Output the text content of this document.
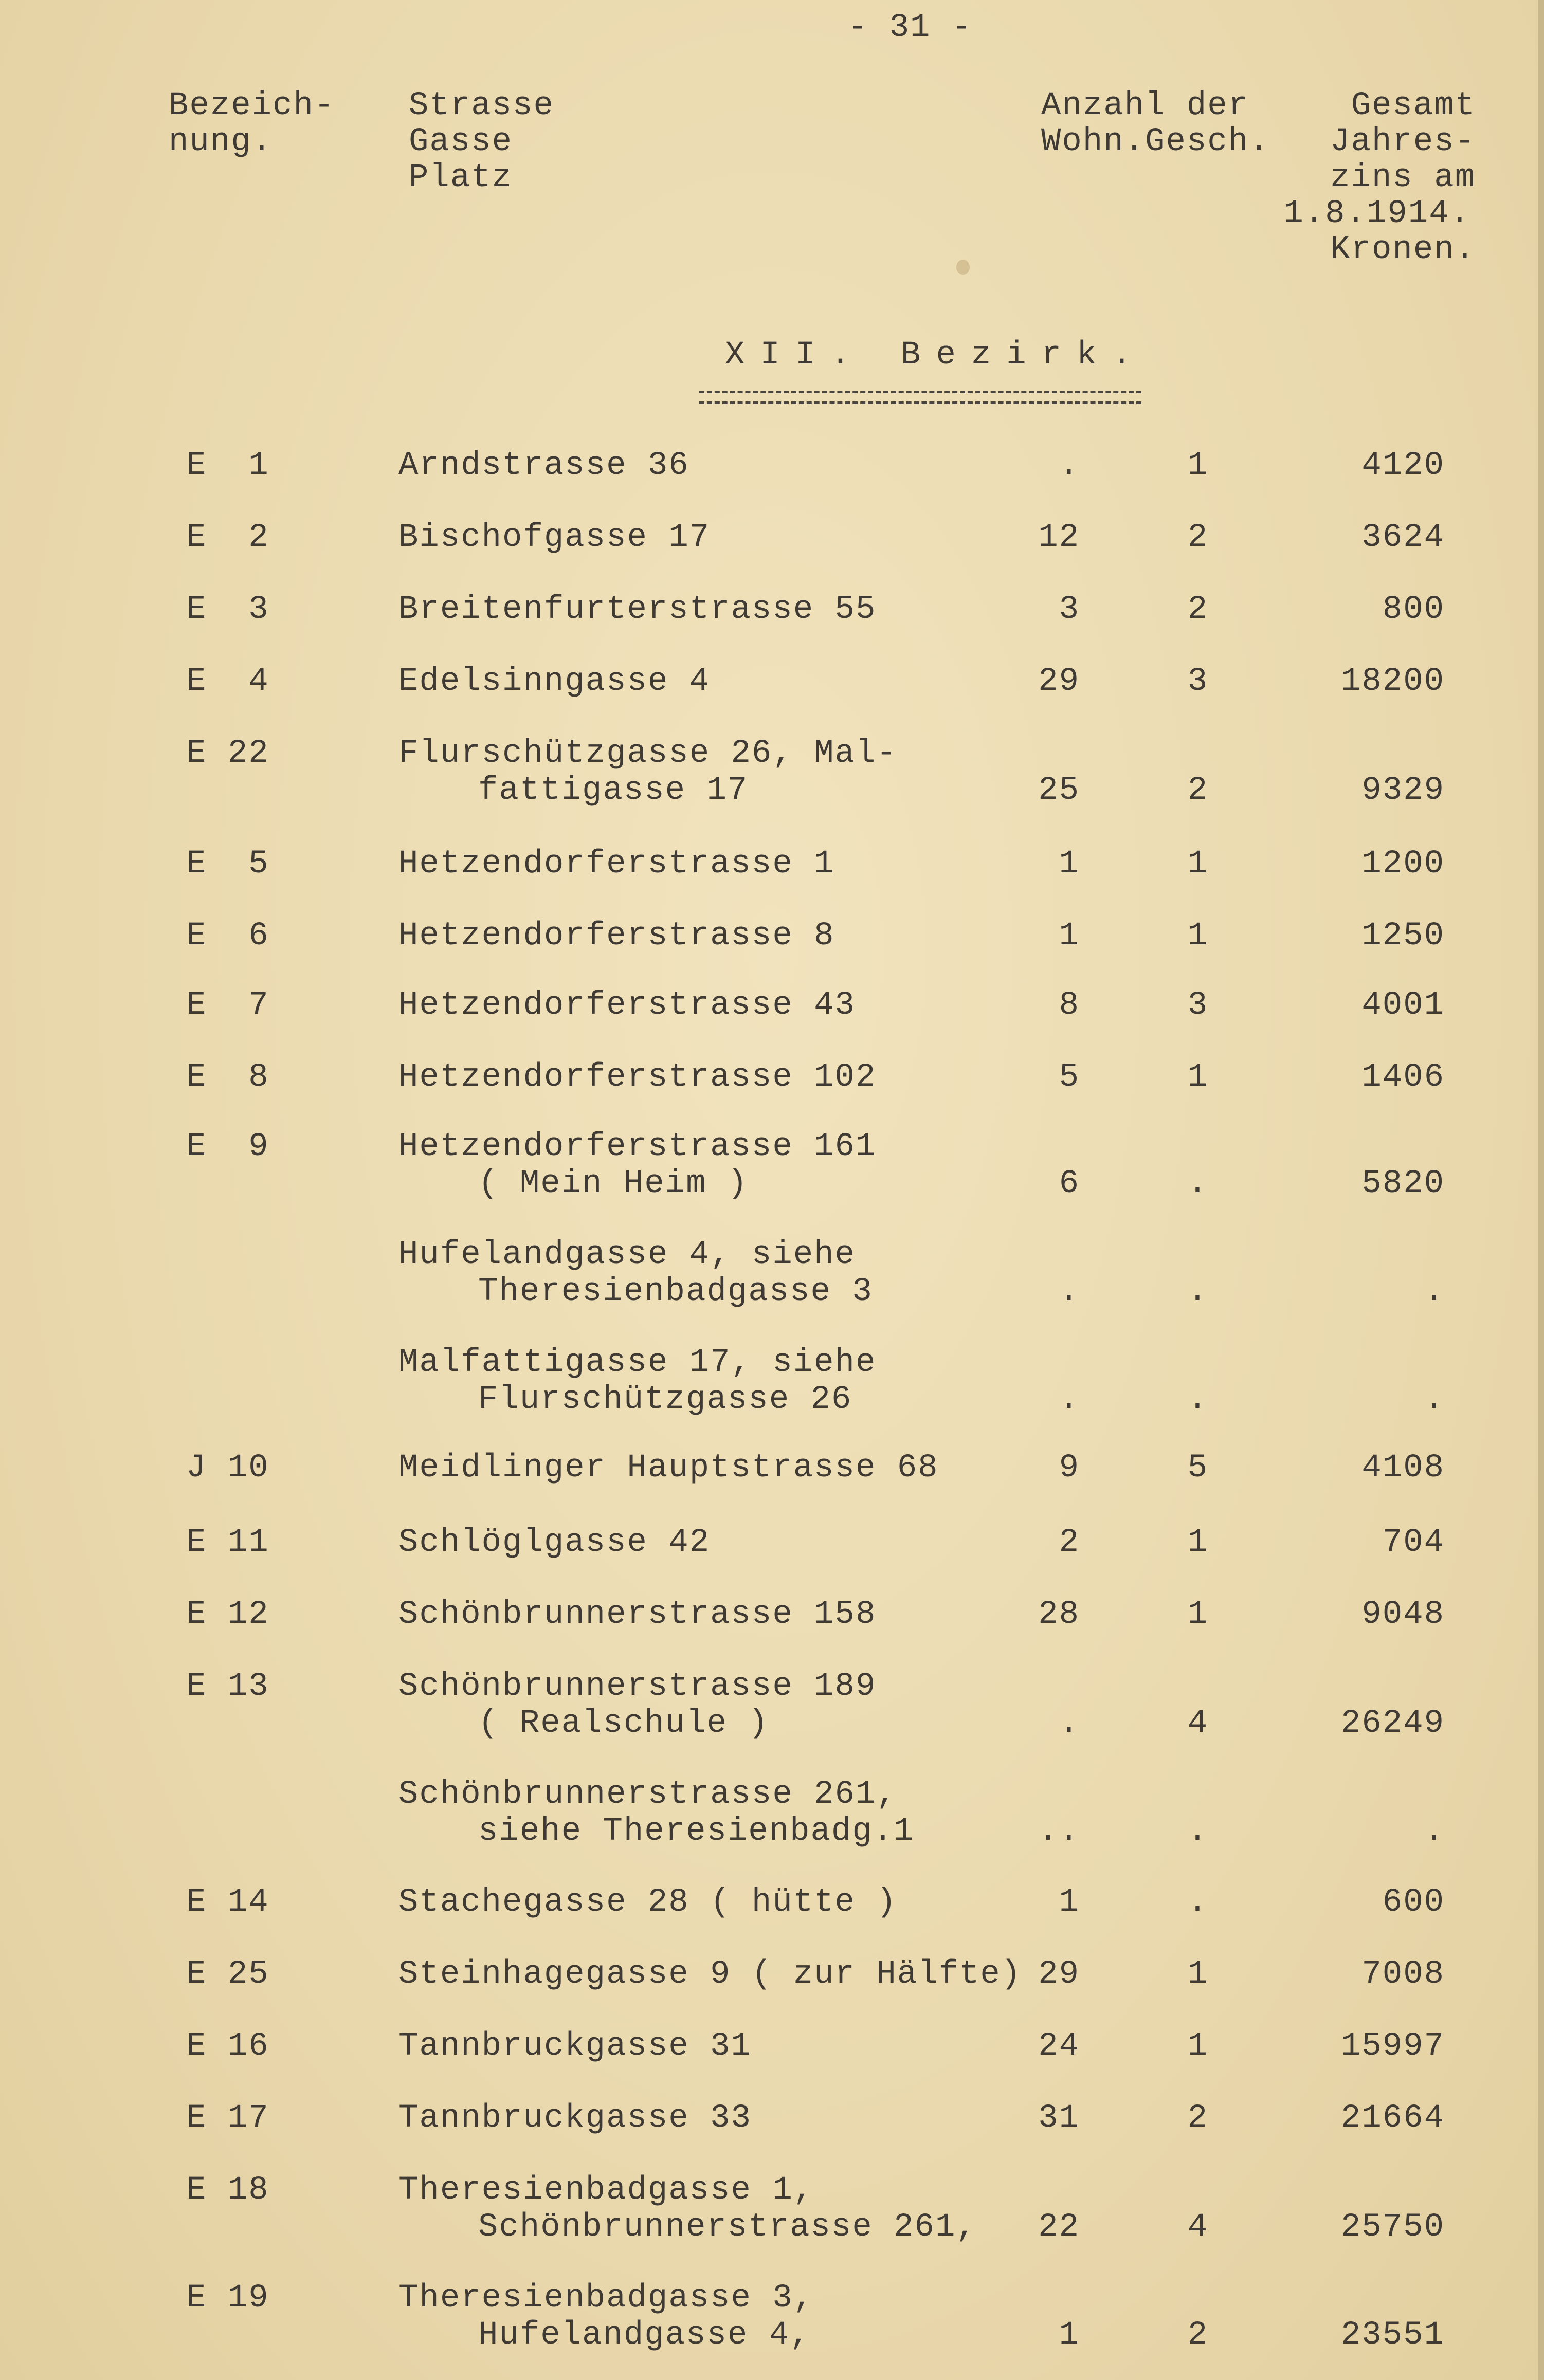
- 31 -
Bezeich-
nung.
Strasse
Gasse
Platz
Anzahl der
Wohn.Gesch.
Gesamt
Jahres-
zins am
1.8.1914.
Kronen.
XII. Bezirk.
E  1	Arndstrasse 36	.	1	4120
E  2	Bischofgasse 17	12	2	3624
E  3	Breitenfurterstrasse 55	3	2	800
E  4	Edelsinngasse 4	29	3	18200
E 22	Flurschützgasse 26, Mal-
fattigasse 17	25	2	9329
E  5	Hetzendorferstrasse 1	1	1	1200
E  6	Hetzendorferstrasse 8	1	1	1250
E  7	Hetzendorferstrasse 43	8	3	4001
E  8	Hetzendorferstrasse 102	5	1	1406
E  9	Hetzendorferstrasse 161
( Mein Heim )	6	.	5820
Hufelandgasse 4, siehe
Theresienbadgasse 3	.	.	.
Malfattigasse 17, siehe
Flurschützgasse 26	.	.	.
J 10	Meidlinger Hauptstrasse 68	9	5	4108
E 11	Schlöglgasse 42	2	1	704
E 12	Schönbrunnerstrasse 158	28	1	9048
E 13	Schönbrunnerstrasse 189
( Realschule )	.	4	26249
Schönbrunnerstrasse 261,
siehe Theresienbadg.1	..	.	.
E 14	Stachegasse 28 ( hütte )	1	.	600
E 25	Steinhagegasse 9 ( zur Hälfte) 29	1	7008
E 16	Tannbruckgasse 31	24	1	15997
E 17	Tannbruckgasse 33	31	2	21664
E 18	Theresienbadgasse 1,
Schönbrunnerstrasse 261,	22	4	25750
E 19	Theresienbadgasse 3,
Hufelandgasse 4,	1	2	23551
